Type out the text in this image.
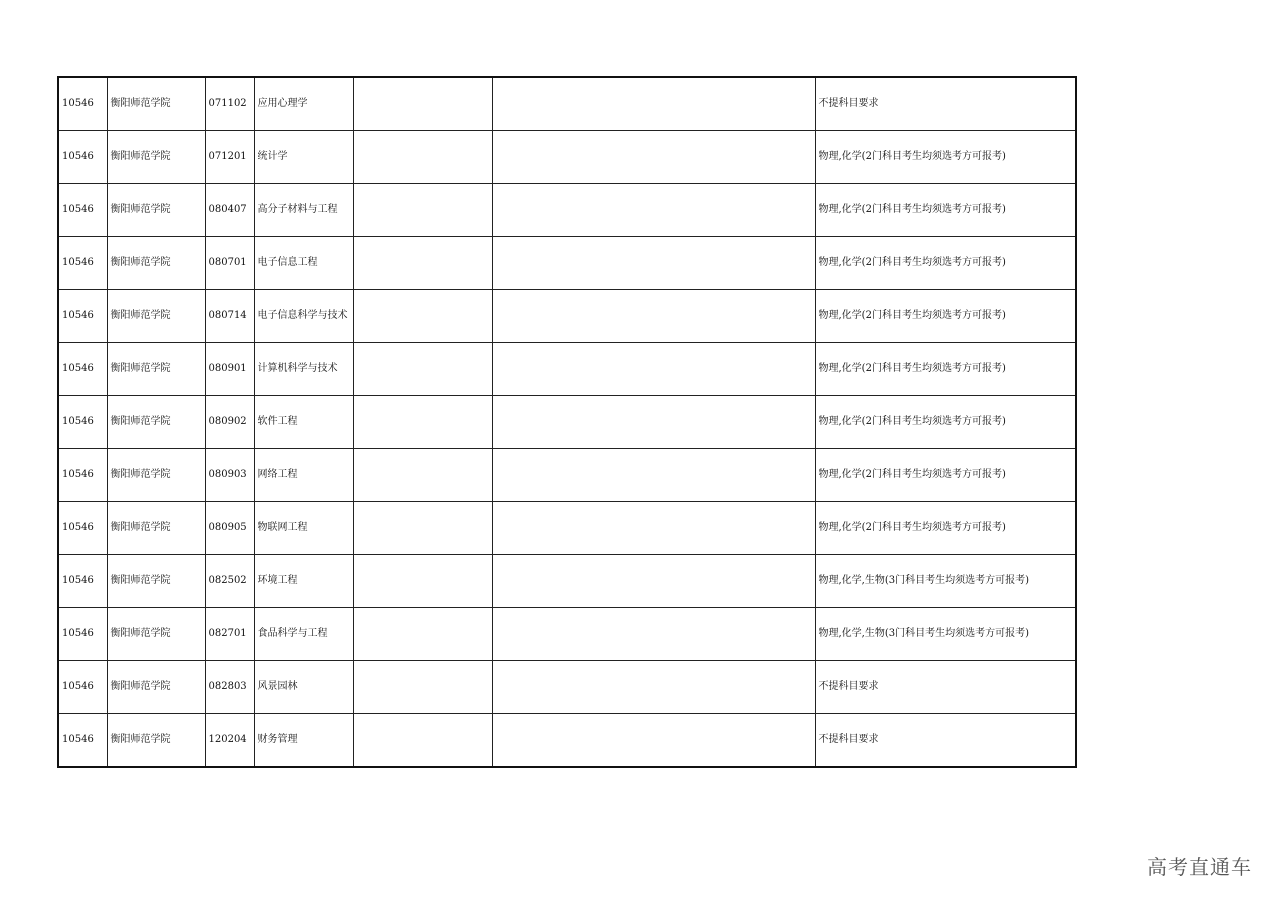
10546	衡阳师范学院	071102	应用心理学			不提科目要求
10546	衡阳师范学院	071201	统计学			物理,化学(2门科目考生均须选考方可报考)
10546	衡阳师范学院	080407	高分子材料与工程			物理,化学(2门科目考生均须选考方可报考)
10546	衡阳师范学院	080701	电子信息工程			物理,化学(2门科目考生均须选考方可报考)
10546	衡阳师范学院	080714	电子信息科学与技术			物理,化学(2门科目考生均须选考方可报考)
10546	衡阳师范学院	080901	计算机科学与技术			物理,化学(2门科目考生均须选考方可报考)
10546	衡阳师范学院	080902	软件工程			物理,化学(2门科目考生均须选考方可报考)
10546	衡阳师范学院	080903	网络工程			物理,化学(2门科目考生均须选考方可报考)
10546	衡阳师范学院	080905	物联网工程			物理,化学(2门科目考生均须选考方可报考)
10546	衡阳师范学院	082502	环境工程			物理,化学,生物(3门科目考生均须选考方可报考)
10546	衡阳师范学院	082701	食品科学与工程			物理,化学,生物(3门科目考生均须选考方可报考)
10546	衡阳师范学院	082803	风景园林			不提科目要求
10546	衡阳师范学院	120204	财务管理			不提科目要求
高考直通车
